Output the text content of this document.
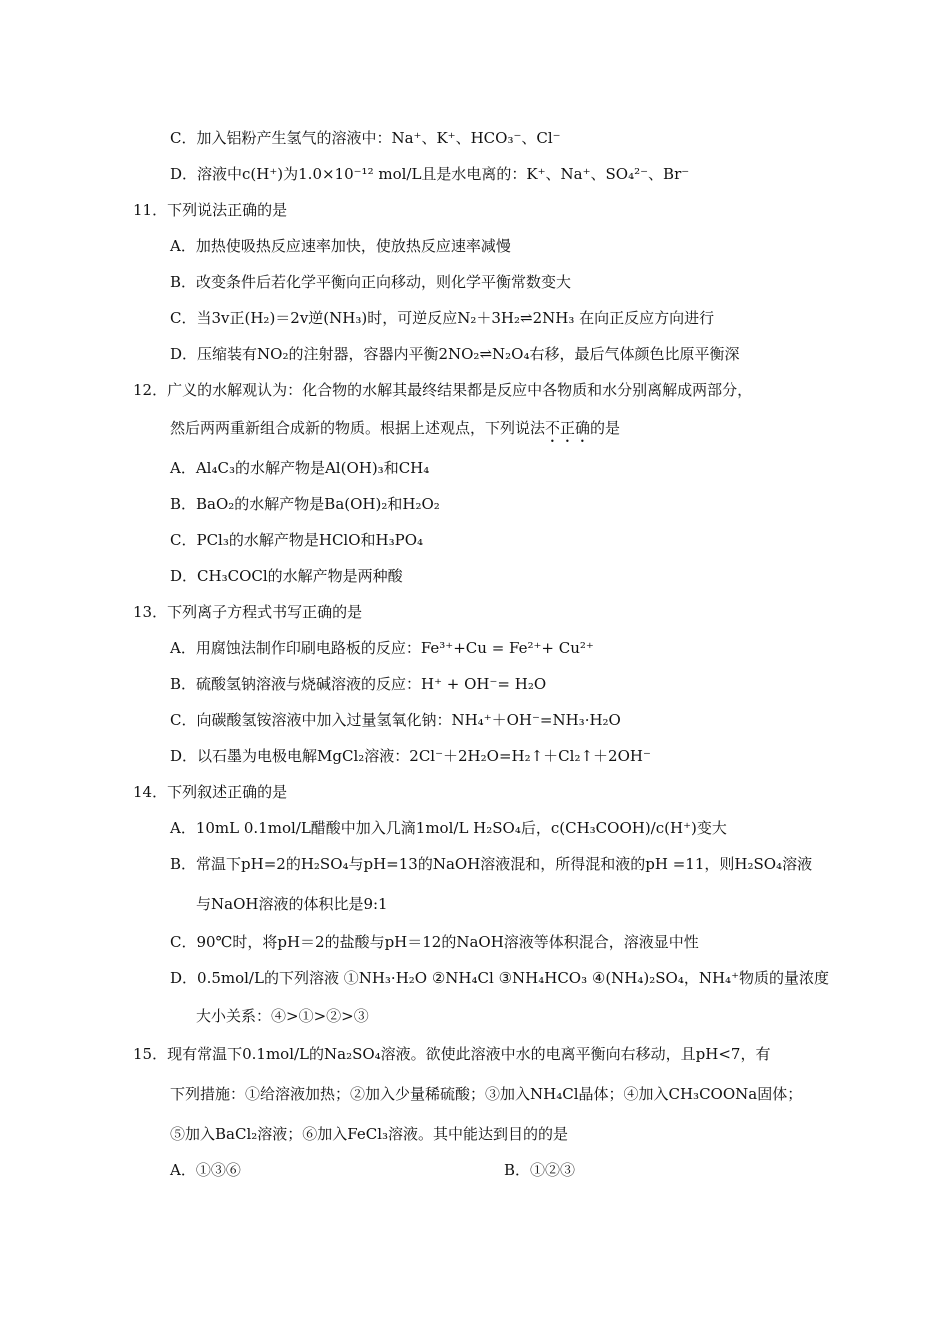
C．加入铝粉产生氢气的溶液中：Na⁺、K⁺、HCO₃⁻、Cl⁻
D．溶液中c(H⁺)为1.0×10⁻¹² mol/L且是水电离的：K⁺、Na⁺、SO₄²⁻、Br⁻
11．下列说法正确的是
A．加热使吸热反应速率加快，使放热反应速率减慢
B．改变条件后若化学平衡向正向移动，则化学平衡常数变大
C．当3v正(H₂)＝2v逆(NH₃)时，可逆反应N₂＋3H₂⇌2NH₃ 在向正反应方向进行
D．压缩装有NO₂的注射器，容器内平衡2NO₂⇌N₂O₄右移，最后气体颜色比原平衡深
12．广义的水解观认为：化合物的水解其最终结果都是反应中各物质和水分别离解成两部分，
然后两两重新组合成新的物质。根据上述观点，下列说法不正确的是
A．Al₄C₃的水解产物是Al(OH)₃和CH₄
B．BaO₂的水解产物是Ba(OH)₂和H₂O₂
C．PCl₃的水解产物是HClO和H₃PO₄
D．CH₃COCl的水解产物是两种酸
13．下列离子方程式书写正确的是
A．用腐蚀法制作印刷电路板的反应：Fe³⁺+Cu = Fe²⁺+ Cu²⁺
B．硫酸氢钠溶液与烧碱溶液的反应：H⁺ + OH⁻= H₂O
C．向碳酸氢铵溶液中加入过量氢氧化钠：NH₄⁺＋OH⁻=NH₃·H₂O
D．以石墨为电极电解MgCl₂溶液：2Cl⁻＋2H₂O=H₂↑＋Cl₂↑＋2OH⁻
14．下列叙述正确的是
A．10mL 0.1mol/L醋酸中加入几滴1mol/L H₂SO₄后，c(CH₃COOH)/c(H⁺)变大
B．常温下pH=2的H₂SO₄与pH=13的NaOH溶液混和，所得混和液的pH =11，则H₂SO₄溶液
与NaOH溶液的体积比是9:1
C．90℃时，将pH＝2的盐酸与pH＝12的NaOH溶液等体积混合，溶液显中性
D．0.5mol/L的下列溶液 ①NH₃·H₂O ②NH₄Cl ③NH₄HCO₃ ④(NH₄)₂SO₄，NH₄⁺物质的量浓度
大小关系：④>①>②>③
15．现有常温下0.1mol/L的Na₂SO₄溶液。欲使此溶液中水的电离平衡向右移动，且pH<7，有
下列措施：①给溶液加热；②加入少量稀硫酸；③加入NH₄Cl晶体；④加入CH₃COONa固体；
⑤加入BaCl₂溶液；⑥加入FeCl₃溶液。其中能达到目的的是
A．①③⑥	B．①②③
